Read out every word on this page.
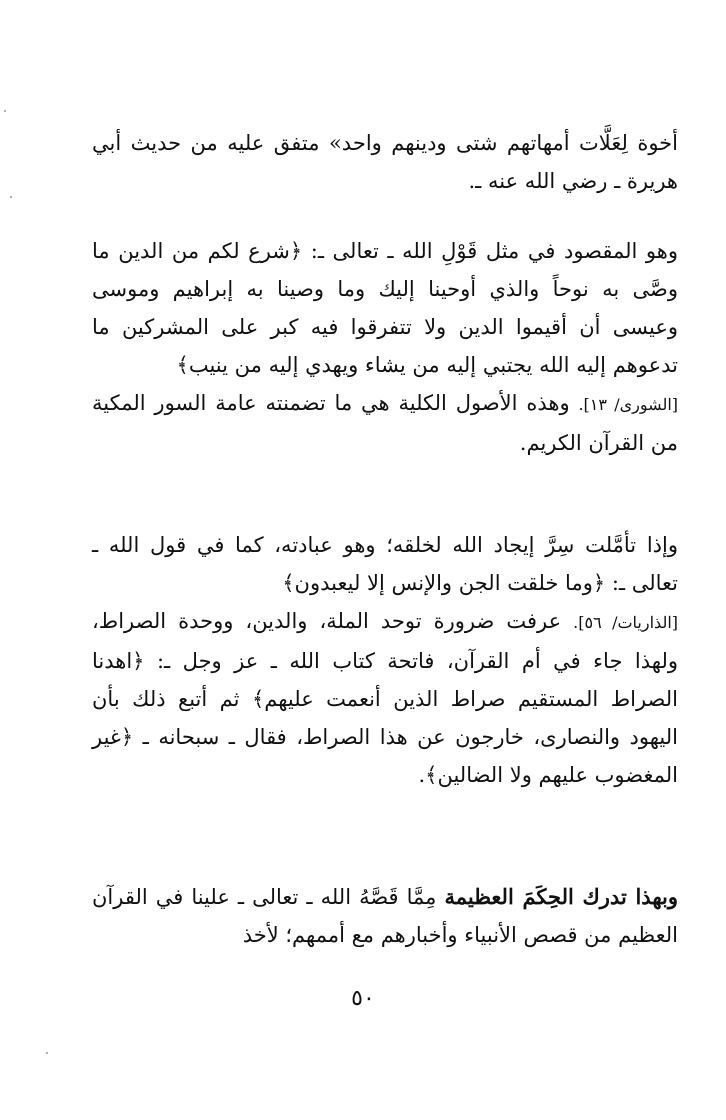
أخوة لِعَلَّات أمهاتهم شتى ودينهم واحد» متفق عليه من حديث أبي هريرة ـ رضي الله عنه ـ.

وهو المقصود في مثل قَوْلِ الله ـ تعالى ـ: ﴿شرع لكم من الدين ما وصَّى به نوحاً والذي أوحينا إليك وما وصينا به إبراهيم وموسى وعيسى أن أقيموا الدين ولا تتفرقوا فيه كبر على المشركين ما تدعوهم إليه الله يجتبي إليه من يشاء ويهدي إليه من ينيب﴾
[الشورى/ ١٣]. وهذه الأصول الكلية هي ما تضمنته عامة السور المكية من القرآن الكريم.

وإذا تأمَّلت سِرَّ إيجاد الله لخلقه؛ وهو عبادته، كما في قول الله ـ تعالى ـ: ﴿وما خلقت الجن والإنس إلا ليعبدون﴾
[الذاريات/ ٥٦]. عرفت ضرورة توحد الملة، والدين، ووحدة الصراط، ولهذا جاء في أم القرآن، فاتحة كتاب الله ـ عز وجل ـ: ﴿اهدنا الصراط المستقيم صراط الذين أنعمت عليهم﴾ ثم أتبع ذلك بأن اليهود والنصارى، خارجون عن هذا الصراط، فقال ـ سبحانه ـ ﴿غير المغضوب عليهم ولا الضالين﴾.

وبهذا تدرك الحِكَمَ العظيمة مِمَّا قَصَّهُ الله ـ تعالى ـ علينا في القرآن العظيم من قصص الأنبياء وأخبارهم مع أممهم؛ لأخذ

٥٠
